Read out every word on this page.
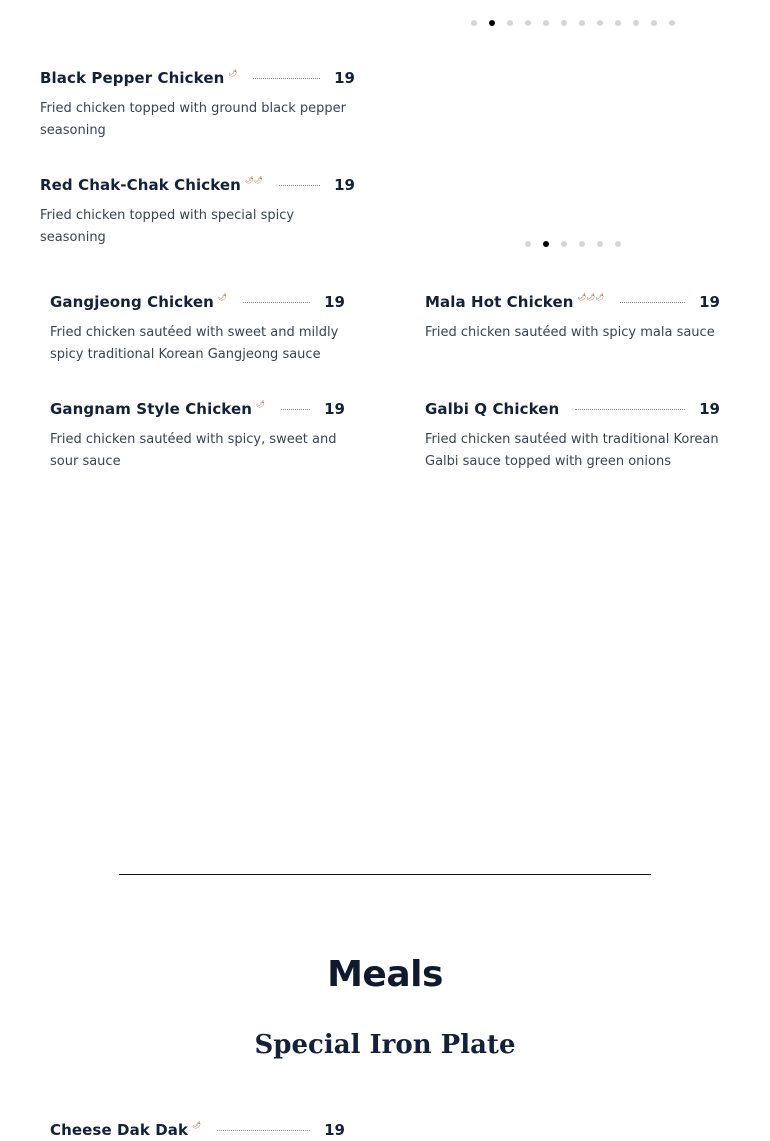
Black Pepper Chicken 🌶	19

Fried chicken topped with ground black pepper seasoning

Red Chak-Chak Chicken 🌶🌶	19

Fried chicken topped with special spicy seasoning

Gangjeong Chicken 🌶	19

Fried chicken sautéed with sweet and mildly spicy traditional Korean Gangjeong sauce

Mala Hot Chicken 🌶🌶🌶	19

Fried chicken sautéed with spicy mala sauce

Gangnam Style Chicken 🌶	19

Fried chicken sautéed with spicy, sweet and sour sauce

Galbi Q Chicken	19

Fried chicken sautéed with traditional Korean Galbi sauce topped with green onions

Meals
Special Iron Plate
Cheese Dak Dak 🌶	19
